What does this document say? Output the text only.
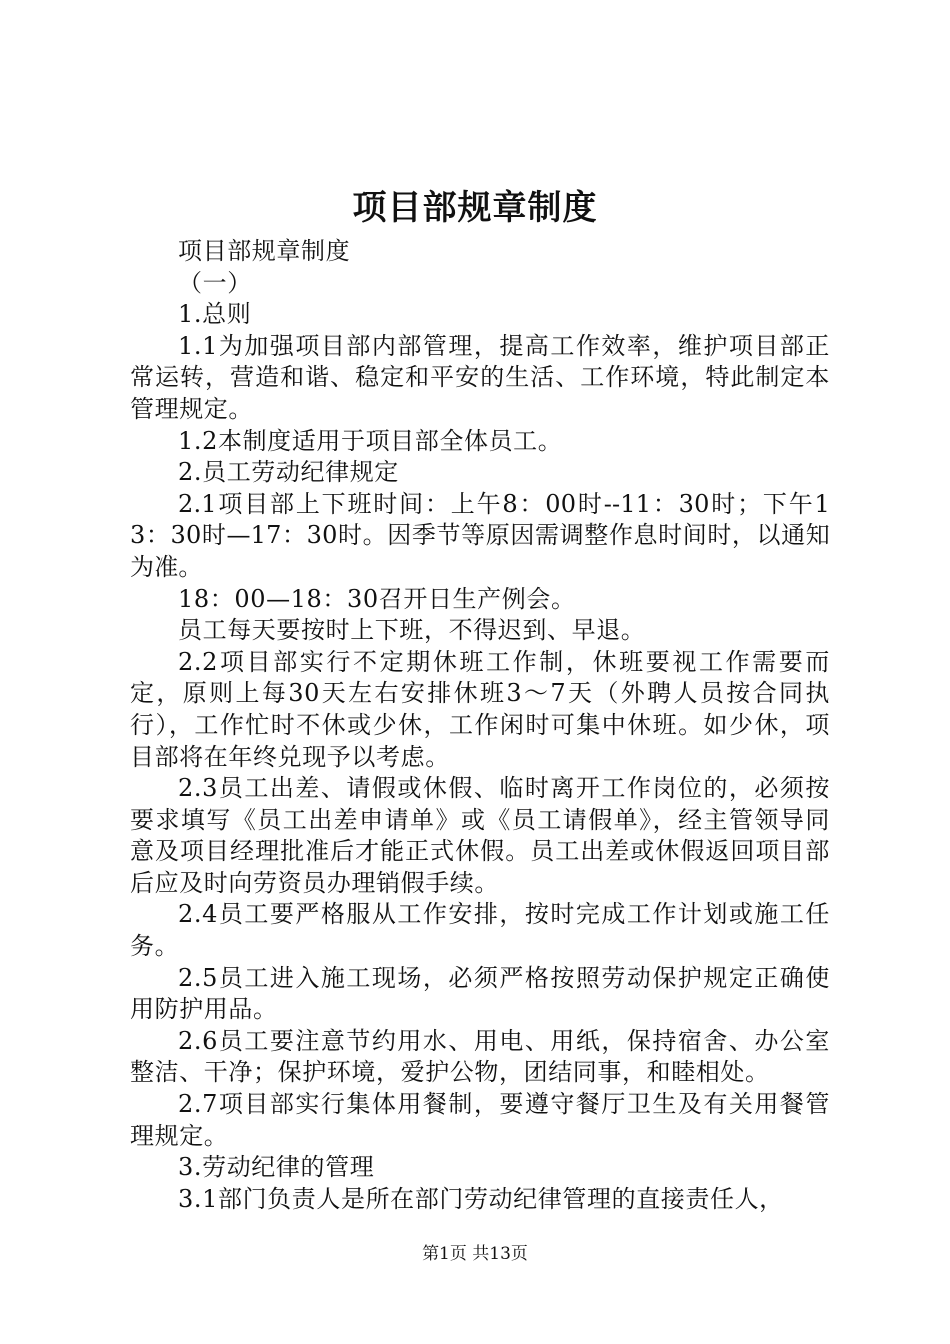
项目部规章制度

项目部规章制度

（一）

1.总则

1.1为加强项目部内部管理，提高工作效率，维护项目部正常运转，营造和谐、稳定和平安的生活、工作环境，特此制定本管理规定。

1.2本制度适用于项目部全体员工。

2.员工劳动纪律规定

2.1项目部上下班时间：上午8：00时--11：30时；下午13：30时—17：30时。因季节等原因需调整作息时间时，以通知为准。

18：00—18：30召开日生产例会。

员工每天要按时上下班，不得迟到、早退。

2.2项目部实行不定期休班工作制，休班要视工作需要而定，原则上每30天左右安排休班3～7天（外聘人员按合同执行），工作忙时不休或少休，工作闲时可集中休班。如少休，项目部将在年终兑现予以考虑。

2.3员工出差、请假或休假、临时离开工作岗位的，必须按要求填写《员工出差申请单》或《员工请假单》，经主管领导同意及项目经理批准后才能正式休假。员工出差或休假返回项目部后应及时向劳资员办理销假手续。

2.4员工要严格服从工作安排，按时完成工作计划或施工任务。

2.5员工进入施工现场，必须严格按照劳动保护规定正确使用防护用品。

2.6员工要注意节约用水、用电、用纸，保持宿舍、办公室整洁、干净；保护环境，爱护公物，团结同事，和睦相处。

2.7项目部实行集体用餐制，要遵守餐厅卫生及有关用餐管理规定。

3.劳动纪律的管理

3.1部门负责人是所在部门劳动纪律管理的直接责任人，

第1页 共13页
